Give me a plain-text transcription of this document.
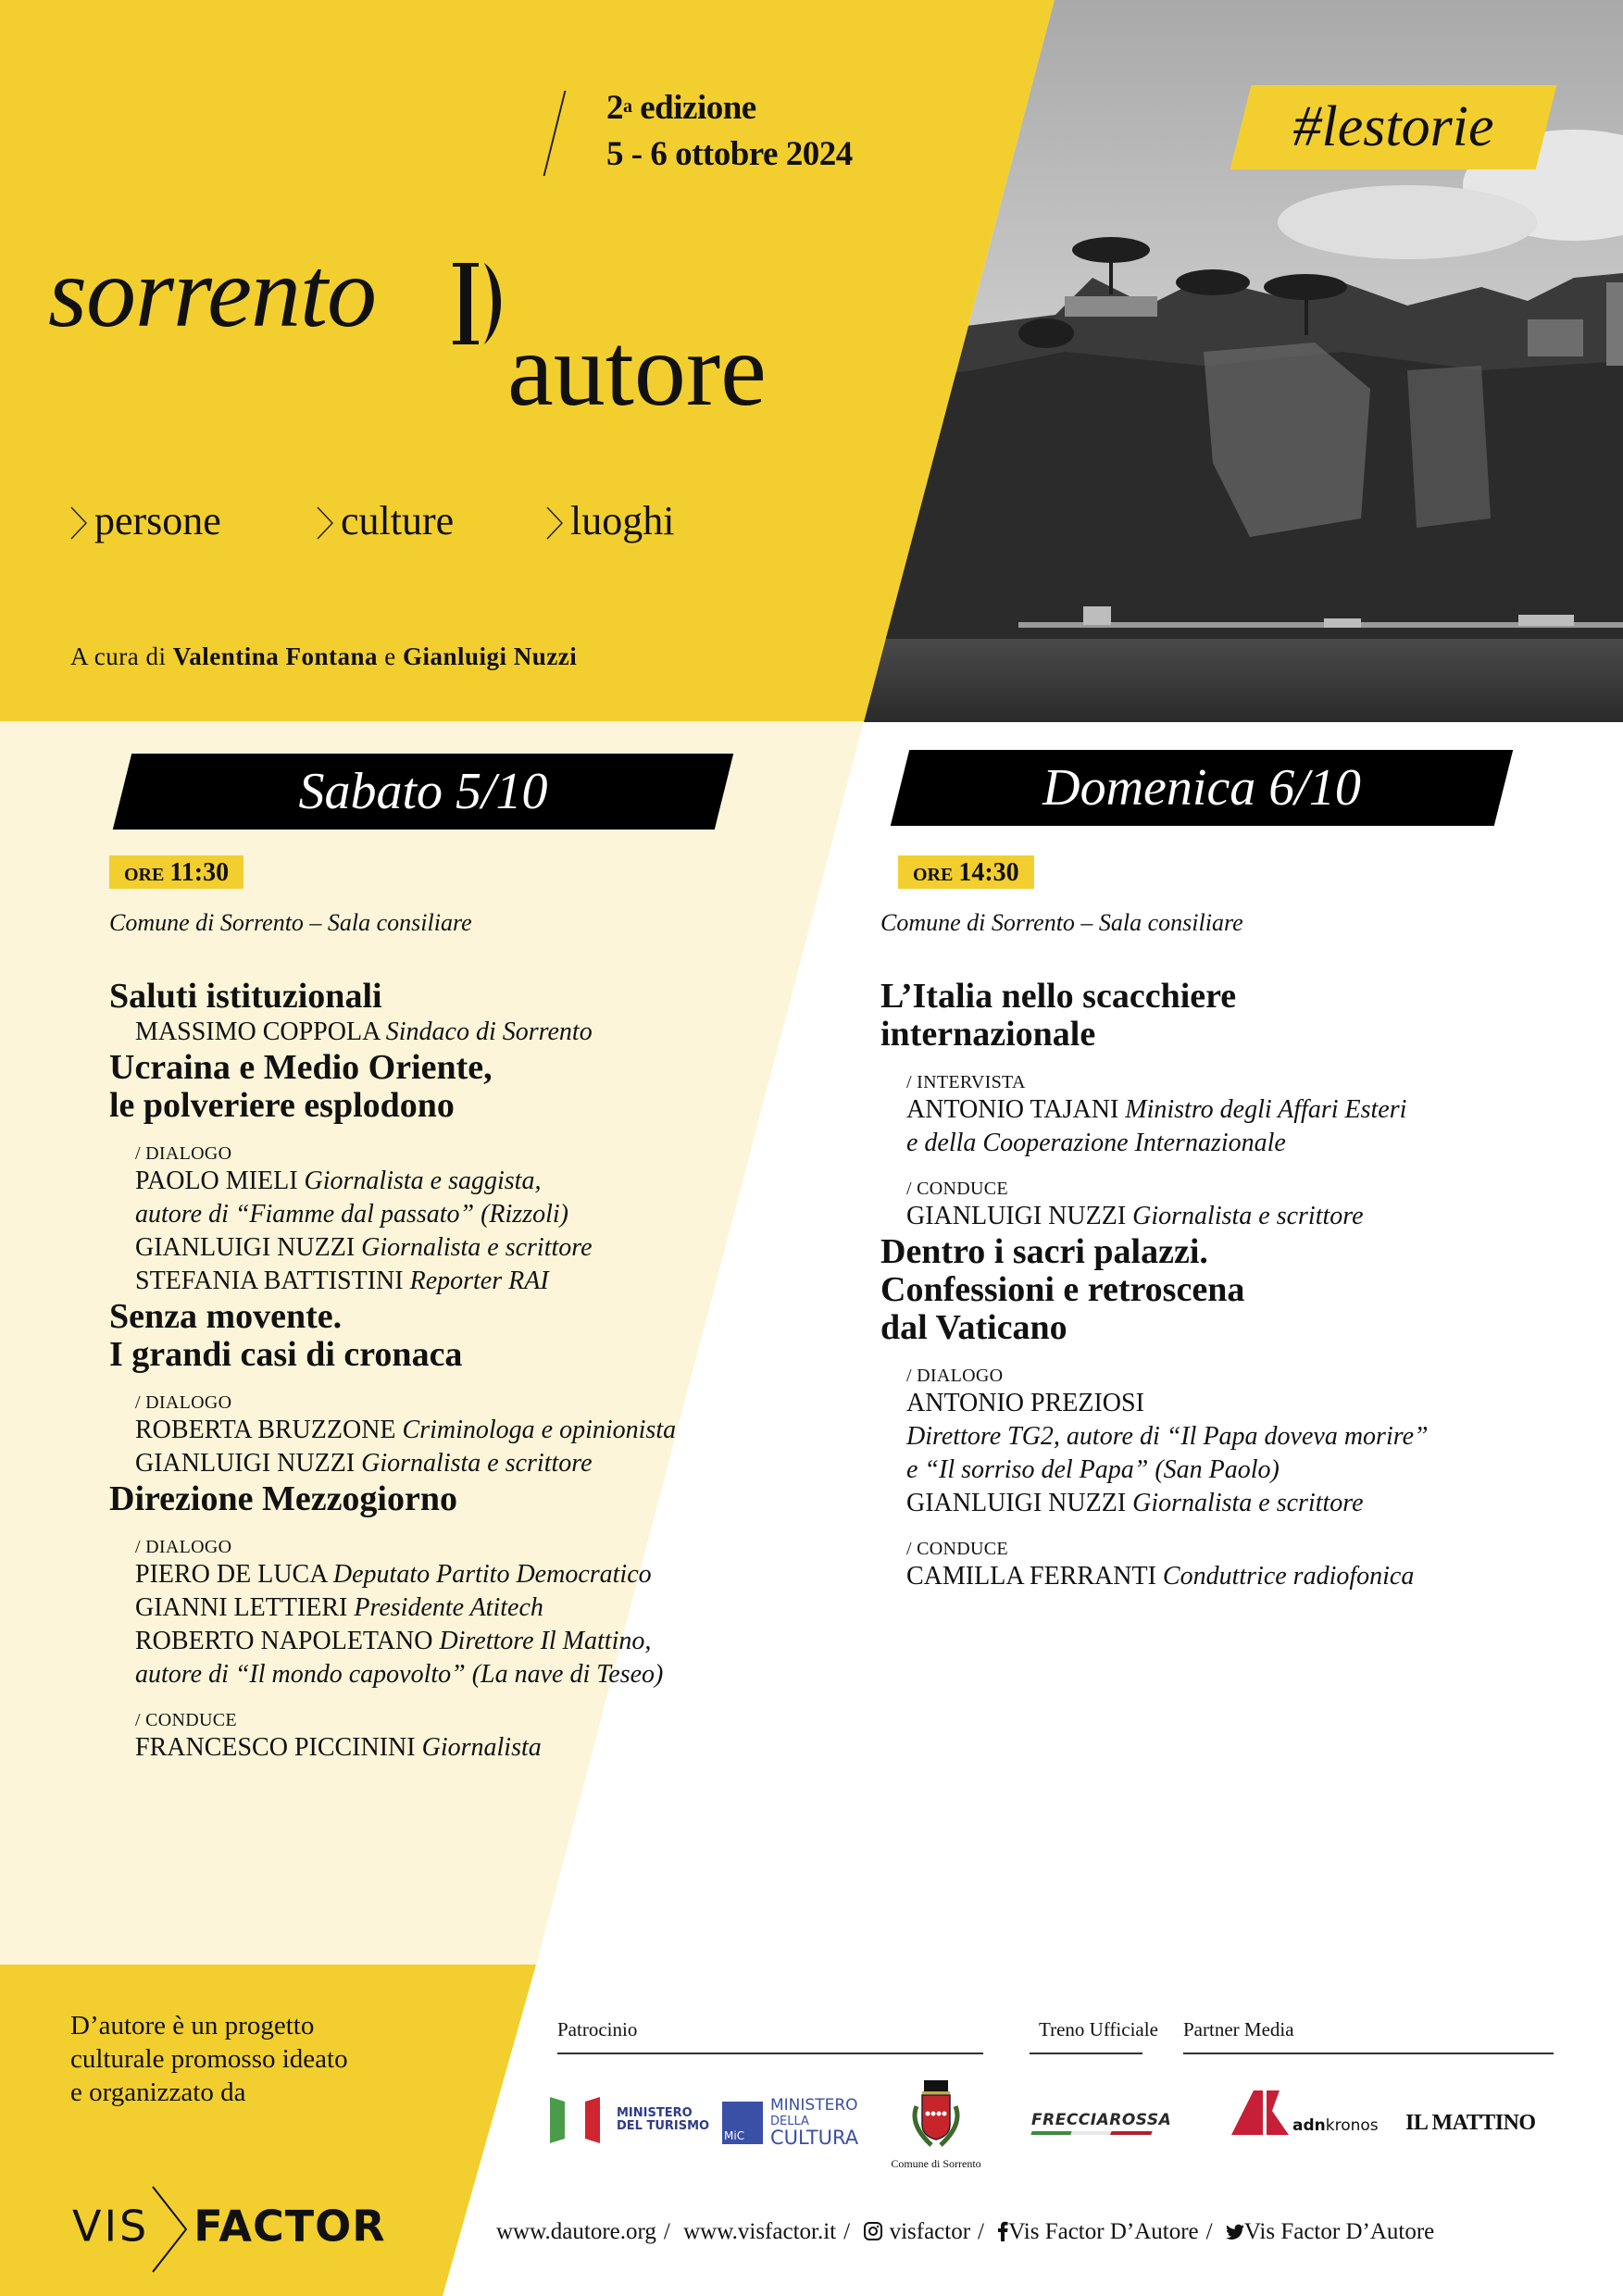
2$^a$ edizione
5 - 6 ottobre 2024	#lestorie
sorrento
autore
persone	culture	luoghi
A cura di Valentina Fontana e Gianluigi Nuzzi
Sabato 5/10
ORE 11:30
Comune di Sorrento – Sala consiliare
Saluti istituzionali
MASSIMO COPPOLA Sindaco di Sorrento
Ucraina e Medio Oriente,
le polveriere esplodono
/ DIALOGO
PAOLO MIELI Giornalista e saggista,
autore di “Fiamme dal passato” (Rizzoli)
GIANLUIGI NUZZI Giornalista e scrittore
STEFANIA BATTISTINI Reporter RAI
Senza movente.
I grandi casi di cronaca
/ DIALOGO
ROBERTA BRUZZONE Criminologa e opinionista
GIANLUIGI NUZZI Giornalista e scrittore
Direzione Mezzogiorno
/ DIALOGO
PIERO DE LUCA Deputato Partito Democratico
GIANNI LETTIERI Presidente Atitech
ROBERTO NAPOLETANO Direttore Il Mattino,
autore di “Il mondo capovolto” (La nave di Teseo)
/ CONDUCE
FRANCESCO PICCININI Giornalista
Domenica 6/10
ORE 14:30
Comune di Sorrento – Sala consiliare
L’Italia nello scacchiere
internazionale
/ INTERVISTA
ANTONIO TAJANI Ministro degli Affari Esteri
e della Cooperazione Internazionale
/ CONDUCE
GIANLUIGI NUZZI Giornalista e scrittore
Dentro i sacri palazzi.
Confessioni e retroscena
dal Vaticano
/ DIALOGO
ANTONIO PREZIOSI
Direttore TG2, autore di “Il Papa doveva morire”
e “Il sorriso del Papa” (San Paolo)
GIANLUIGI NUZZI Giornalista e scrittore
/ CONDUCE
CAMILLA FERRANTI Conduttrice radiofonica
D’autore è un progetto
culturale promosso ideato
e organizzato da
VIS FACTOR
Patrocinio	Treno Ufficiale Partner Media
MINISTERO
DEL TURISMO
MiC MINISTERO
DELLA
CULTURA
Comune di Sorrento
FRECCIAROSSA	adnkronos IL MATTINO
www.dautore.org / www.visfactor.it / visfactor / Vis Factor D’Autore / Vis Factor D’Autore
